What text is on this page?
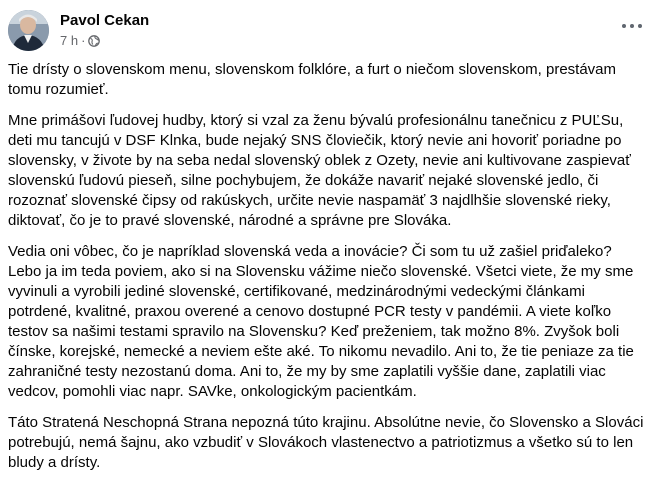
Pavol Cekan
7 h ·

Tie drísty o slovenskom menu, slovenskom folklóre, a furt o niečom slovenskom, prestávam tomu rozumieť.

Mne primášovi ľudovej hudby, ktorý si vzal za ženu bývalú profesionálnu tanečnicu z PUĽSu, deti mu tancujú v DSF Klnka, bude nejaký SNS človiečik, ktorý nevie ani hovoriť poriadne po slovensky, v živote by na seba nedal slovenský oblek z Ozety, nevie ani kultivovane zaspievať slovenskú ľudovú pieseň, silne pochybujem, že dokáže navariť nejaké slovenské jedlo, či rozoznať slovenské čipsy od rakúskych, určite nevie naspamäť 3 najdlhšie slovenské rieky, diktovať, čo je to pravé slovenské, národné a správne pre Slováka.

Vedia oni vôbec, čo je napríklad slovenská veda a inovácie? Či som tu už zašiel priďaleko? Lebo ja im teda poviem, ako si na Slovensku vážime niečo slovenské. Všetci viete, že my sme vyvinuli a vyrobili jediné slovenské, certifikované, medzinárodnými vedeckými článkami potrdené, kvalitné, praxou overené a cenovo dostupné PCR testy v pandémii. A viete koľko testov sa našimi testami spravilo na Slovensku? Keď preženiem, tak možno 8%. Zvyšok boli čínske, korejské, nemecké a neviem ešte aké. To nikomu nevadilo. Ani to, že tie peniaze za tie zahraničné testy nezostanú doma. Ani to, že my by sme zaplatili vyššie dane, zaplatili viac vedcov, pomohli viac napr. SAVke, onkologickým pacientkám.

Táto Stratená Neschopná Strana nepozná túto krajinu. Absolútne nevie, čo Slovensko a Slováci potrebujú, nemá šajnu, ako vzbudiť v Slovákoch vlastenectvo a patriotizmus a všetko sú to len bludy a drísty.
